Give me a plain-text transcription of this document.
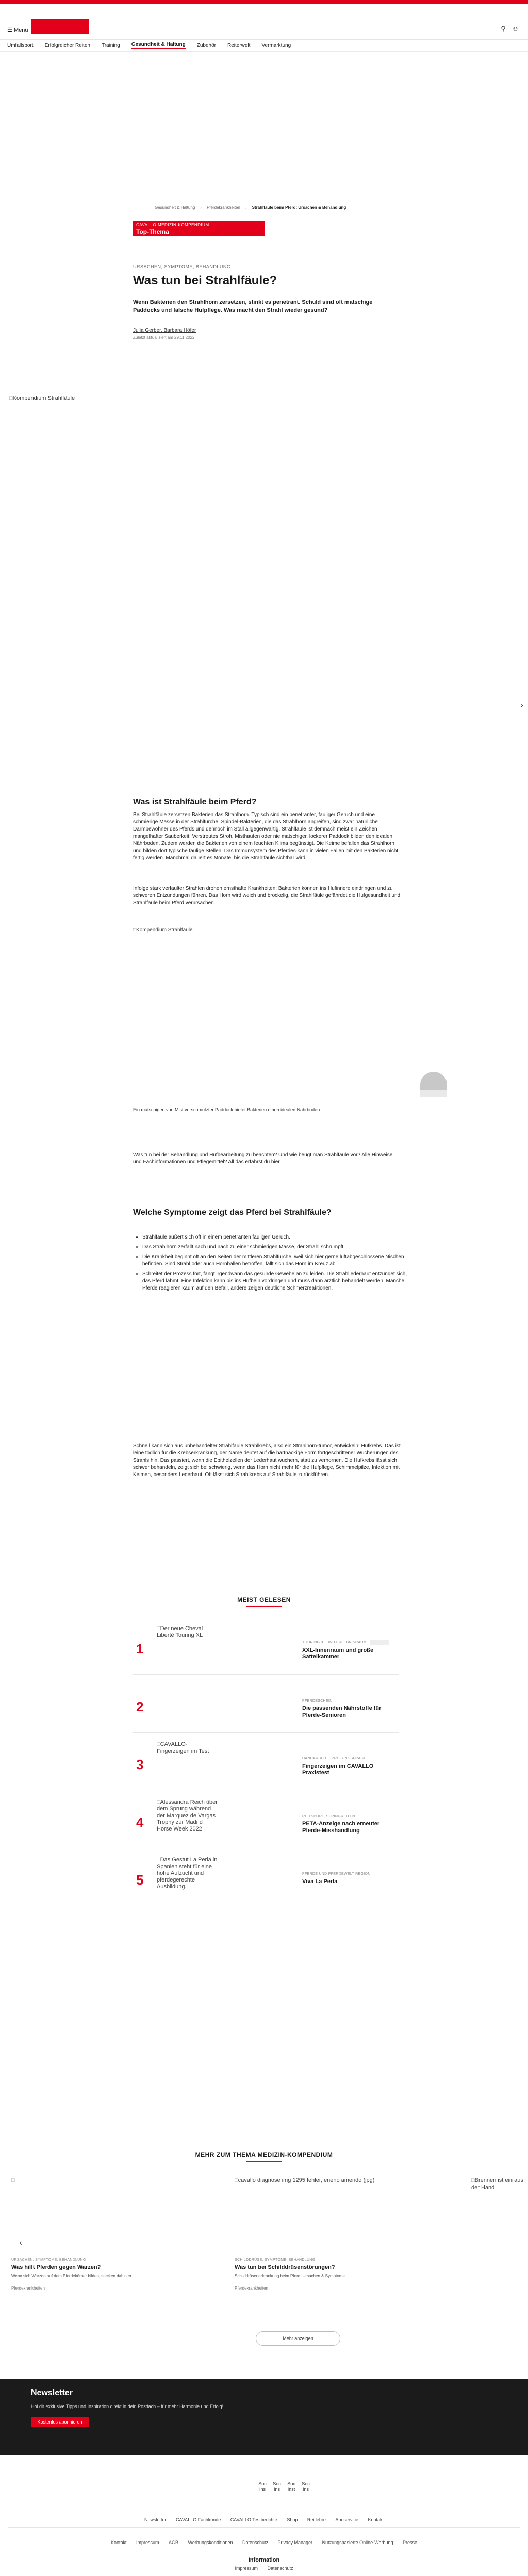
☰ Menü	⚲ ☺
Umfallsport Erfolgreicher Reiten Training Gesundheit & Haltung Zubehör Reiterwelt Vermarktung
Gesundheit & Haltung › Pferdekrankheiten › Strahlfäule beim Pferd: Ursachen & Behandlung
CAVALLO MEDIZIN-KOMPENDIUM
Top-Thema
URSACHEN, SYMPTOME, BEHANDLUNG
Was tun bei Strahlfäule?

Wenn Bakterien den Strahlhorn zersetzen, stinkt es penetrant. Schuld sind oft matschige Paddocks und falsche Hufpflege. Was macht den Strahl wieder gesund?

Julia Gerber, Barbara Höfer
Zuletzt aktualisiert am 29.11.2022
□ Kompendium Strahlfäule
›
Was ist Strahlfäule beim Pferd?

Bei Strahlfäule zersetzen Bakterien das Strahlhorn. Typisch sind ein penetranter, fauliger Geruch und eine schmierige Masse in der Strahlfurche. Spindel-Bakterien, die das Strahlhorn angreifen, sind zwar natürliche Darmbewohner des Pferds und dennoch im Stall allgegenwärtig. Strahlfäule ist demnach meist ein Zeichen mangelhafter Sauberkeit: Verstreutes Stroh, Misthaufen oder nie matschiger, lockerer Paddock bilden den idealen Nährboden. Zudem werden die Bakterien von einem feuchten Klima begünstigt. Die Keime befallen das Strahlhorn und bilden dort typische faulige Stellen. Das Immunsystem des Pferdes kann in vielen Fällen mit den Bakterien nicht fertig werden. Manchmal dauert es Monate, bis die Strahlfäule sichtbar wird.

Infolge stark verfaulter Strahlen drohen ernsthafte Krankheiten: Bakterien können ins Hufinnere eindringen und zu schweren Entzündungen führen. Das Horn wird weich und bröckelig, die Strahlfäule gefährdet die Hufgesundheit und Strahlfäule beim Pferd verursachen.

□ Kompendium Strahlfäule

Ein matschiger, von Mist verschmutzter Paddock bietet Bakterien einen idealen Nährboden.

Was tun bei der Behandlung und Hufbearbeitung zu beachten? Und wie beugt man Strahlfäule vor? Alle Hinweise und Fachinformationen und Pflegemittel? All das erfährst du hier.

Welche Symptome zeigt das Pferd bei Strahlfäule?
• Strahlfäule äußert sich oft in einem penetranten fauligen Geruch.
• Das Strahlhorn zerfällt nach und nach zu einer schmierigen Masse, der Strahl schrumpft.
• Die Krankheit beginnt oft an den Seiten der mittleren Strahlfurche, weil sich hier gerne luftabgeschlossene Nischen befinden. Sind Strahl oder auch Hornballen betroffen, fällt sich das Horn im Kreuz ab.
• Schreitet der Prozess fort, fängt irgendwann das gesunde Gewebe an zu leiden. Die Strahllederhaut entzündet sich, das Pferd lahmt. Eine Infektion kann bis ins Hufbein vordringen und muss dann ärztlich behandelt werden. Manche Pferde reagieren kaum auf den Befall, andere zeigen deutliche Schmerzreaktionen.

Schnell kann sich aus unbehandelter Strahlfäule Strahlkrebs, also ein Strahlhorn-tumor, entwickeln: Hufkrebs. Das ist leine tödlich für die Krebserkrankung, der Name deutet auf die hartnäckige Form fortgeschrittener Wucherungen des Strahls hin. Das passiert, wenn die Epithelzellen der Lederhaut wuchern, statt zu verhornen. Die Hufkrebs lässt sich schwer behandeln, zeigt sich bei schwierig, wenn das Horn nicht mehr für die Hufpflege, Schimmelpilze, Infektion mit Keimen, besonders Lederhaut. Oft lässt sich Strahlkrebs auf Strahlfäule zurückführen.

MEIST GELESEN
1
□ Der neue Cheval Liberté Touring XL
TOURING XL UND ERLEBNISRAUM
XXL-Innenraum und große Sattelkammer
2
□	PFERDESCHEIN
Die passenden Nährstoffe für Pferde-Senioren
3
□ CAVALLO-Fingerzeigen im Test
HANDARBEIT + PRÜFUNGSFRAGE
Fingerzeigen im CAVALLO Praxistest
4
□ Alessandra Reich über dem Sprung während der Marquez de Vargas Trophy zur Madrid Horse Week 2022
REITSPORT, SPRINGREITEN
PETA-Anzeige nach erneuter Pferde-Misshandlung
5
□ Das Gestüt La Perla in Spanien steht für eine hohe Aufzucht und pferdegerechte Ausbildung.
PFERDE UND PFERDEWELT REGION
Viva La Perla
MEHR ZUM THEMA MEDIZIN-KOMPENDIUM
□
URSACHEN, SYMPTOME, BEHANDLUNG
Was hilft Pferden gegen Warzen?
Wenn sich Warzen auf dem Pferdekörper bilden, stecken dahinter...
Pferdekrankheiten
□ cavallo diagnose img 1295 fehler, eneno amendo (jpg)
SCHILDDRÜSE, SYMPTOME, BEHANDLUNG
Was tun bei Schilddrüsenstörungen?
Schilddrüsenerkrankung beim Pferd: Ursachen & Symptome
Pferdekrankheiten
□ Brennen ist ein aus der Hand
‹
Mehr anzeigen
Newsletter
Hol dir exklusive Tipps und Inspiration direkt in dein Postfach – für mehr Harmonie und Erfolg!
Kostenlos abonnieren
Soc Ins
Soc Ins
Soc Inst
Soc Ins
Newsletter CAVALLO Fachkunde CAVALLO Testberichte Shop Reitlehre Aboservice Kontakt
Kontakt Impressum AGB Werbungskonditionen Datenschutz Privacy Manager Nutzungsbasierte Online-Werbung Presse
Information
Impressum Datenschutz
